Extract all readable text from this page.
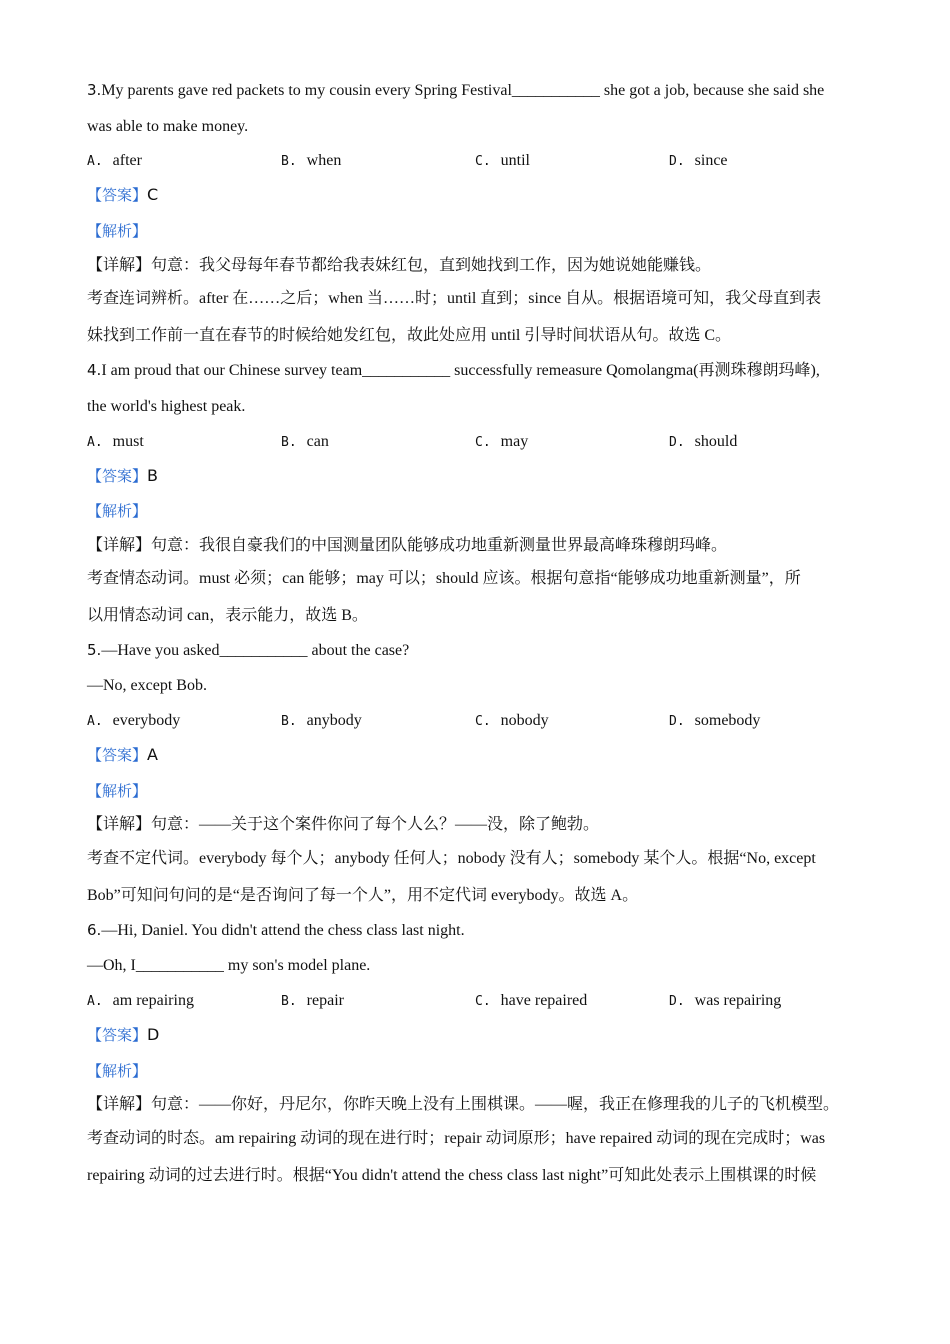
3.My parents gave red packets to my cousin every Spring Festival___________ she got a job, because she said she
was able to make money.
A. after	B. when	C. until	D. since
【答案】C
【解析】
【详解】句意：我父母每年春节都给我表妹红包，直到她找到工作，因为她说她能赚钱。
考查连词辨析。after 在……之后；when 当……时；until 直到；since 自从。根据语境可知，我父母直到表
妹找到工作前一直在春节的时候给她发红包，故此处应用 until 引导时间状语从句。故选 C。
4.I am proud that our Chinese survey team___________ successfully remeasure Qomolangma(再测珠穆朗玛峰),
the world's highest peak.
A. must	B. can	C. may	D. should
【答案】B
【解析】
【详解】句意：我很自豪我们的中国测量团队能够成功地重新测量世界最高峰珠穆朗玛峰。
考查情态动词。must 必须；can 能够；may 可以；should 应该。根据句意指“能够成功地重新测量”，所
以用情态动词 can，表示能力，故选 B。
5.—Have you asked___________ about the case?
—No, except Bob.
A. everybody	B. anybody	C. nobody	D. somebody
【答案】A
【解析】
【详解】句意：——关于这个案件你问了每个人么？——没，除了鲍勃。
考查不定代词。everybody 每个人；anybody 任何人；nobody 没有人；somebody 某个人。根据“No, except
Bob”可知问句问的是“是否询问了每一个人”，用不定代词 everybody。故选 A。
6.—Hi, Daniel. You didn't attend the chess class last night.
—Oh, I___________ my son's model plane.
A. am repairing	B. repair	C. have repaired	D. was repairing
【答案】D
【解析】
【详解】句意：——你好，丹尼尔，你昨天晚上没有上围棋课。——喔，我正在修理我的儿子的飞机模型。
考查动词的时态。am repairing 动词的现在进行时；repair 动词原形；have repaired 动词的现在完成时；was
repairing 动词的过去进行时。根据“You didn't attend the chess class last night”可知此处表示上围棋课的时候
